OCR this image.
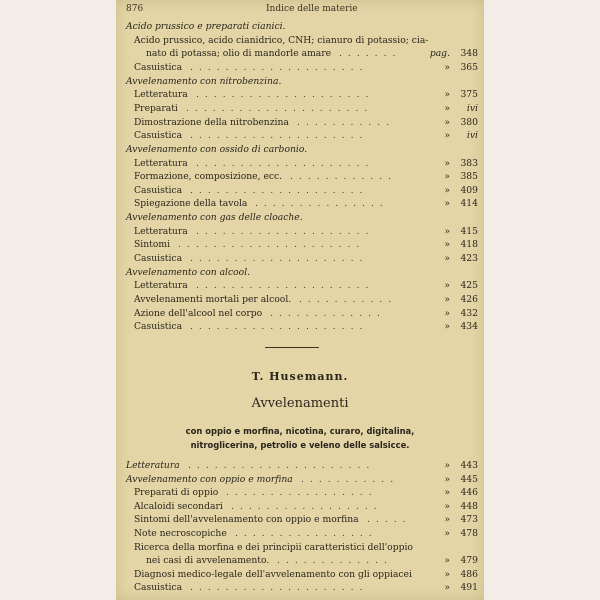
876	Indice delle materie
Acido prussico e preparati cianici.
Acido prussico, acido cianidrico, CNH; cianuro di potassio; cia-
nato di potassa; olio di mandorle amare .......	pag. 348
Casuistica ....................	» 365
Avvelenamento con nitrobenzina.
Letteratura ....................	» 375
Preparati .....................	» ivi
Dimostrazione della nitrobenzina ...........	» 380
Casuistica ....................	» ivi
Avvelenamento con ossido di carbonio.
Letteratura ....................	» 383
Formazione, composizione, ecc. ............	» 385
Casuistica ....................	» 409
Spiegazione della tavola ...............	» 414
Avvelenamento con gas delle cloache.
Letteratura ....................	» 415
Sintomi .....................	» 418
Casuistica ....................	» 423
Avvelenamento con alcool.
Letteratura ....................	» 425
Avvelenamenti mortali per alcool. ...........	» 426
Azione dell'alcool nel corpo .............	» 432
Casuistica ....................	» 434
T. Husemann.
Avvelenamenti
con oppio e morfina, nicotina, curaro, digitalina, nitroglicerina, petrolio e veleno delle salsicce.
Letteratura .....................	» 443
Avvelenamento con oppio e morfina ...........	» 445
Preparati di oppio .................	» 446
Alcaloidi secondari .................	» 448
Sintomi dell'avvelenamento con oppio e morfina .....	» 473
Note necroscopiche ................	» 478
Ricerca della morfina e dei principii caratteristici dell'oppio
nei casi di avvelenamento. .............	» 479
Diagnosi medico-legale dell'avvelenamento con gli oppiacei	» 486
Casuistica ....................	» 491
